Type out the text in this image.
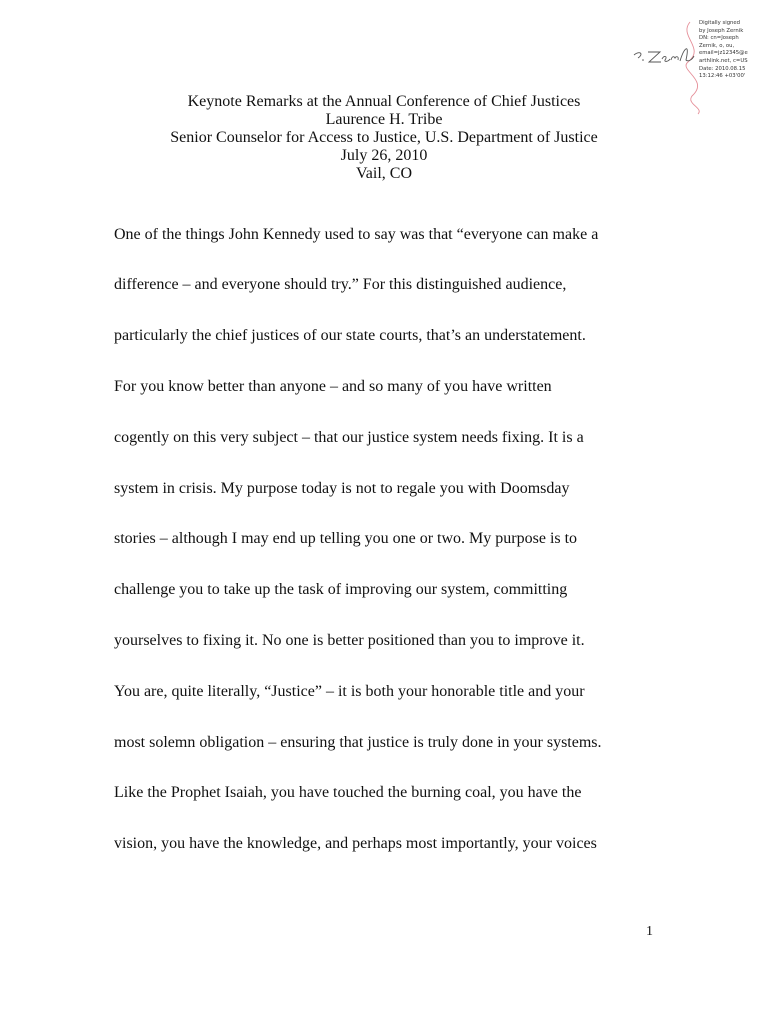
Digitally signed
by Joseph Zernik
DN: cn=Joseph
Zernik, o, ou,
email=jz12345@e
arthlink.net, c=US
Date: 2010.08.15
13:12:46 +03'00'
Keynote Remarks at the Annual Conference of Chief Justices
Laurence H. Tribe
Senior Counselor for Access to Justice, U.S. Department of Justice
July 26, 2010
Vail, CO
One of the things John Kennedy used to say was that “everyone can make a
difference – and everyone should try.” For this distinguished audience,
particularly the chief justices of our state courts, that’s an understatement.
For you know better than anyone – and so many of you have written
cogently on this very subject – that our justice system needs fixing. It is a
system in crisis. My purpose today is not to regale you with Doomsday
stories – although I may end up telling you one or two. My purpose is to
challenge you to take up the task of improving our system, committing
yourselves to fixing it. No one is better positioned than you to improve it.
You are, quite literally, “Justice” – it is both your honorable title and your
most solemn obligation – ensuring that justice is truly done in your systems.
Like the Prophet Isaiah, you have touched the burning coal, you have the
vision, you have the knowledge, and perhaps most importantly, your voices
1
